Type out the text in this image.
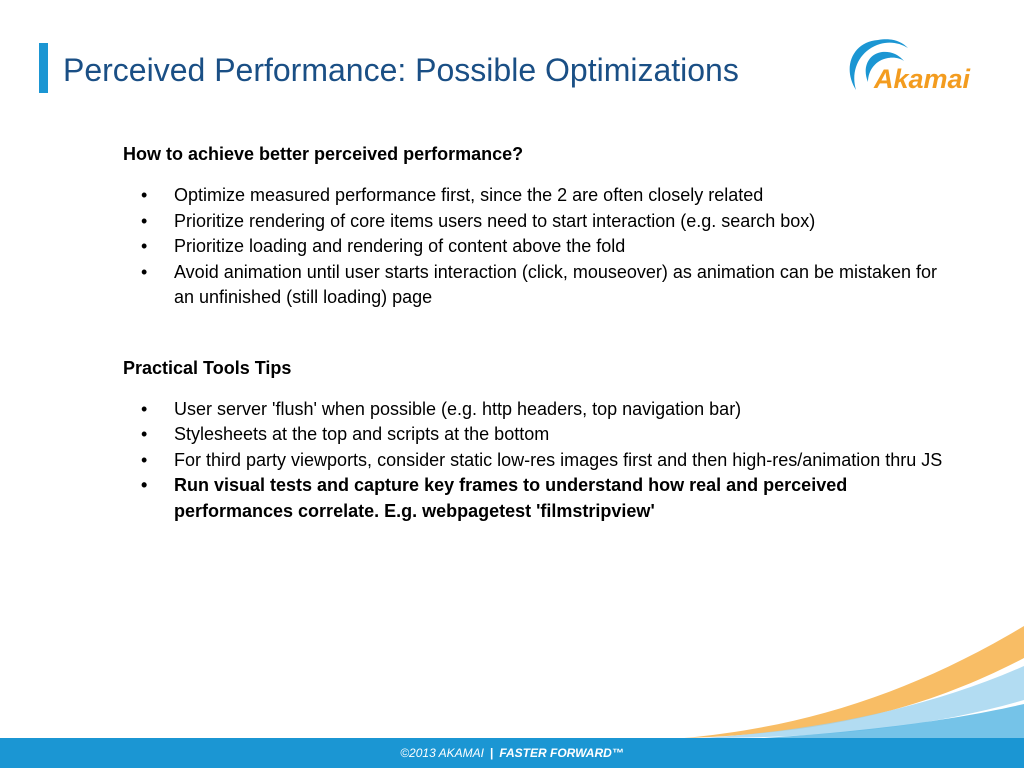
Perceived Performance: Possible Optimizations	Akamai
How to achieve better perceived performance?
• Optimize measured performance first, since the 2 are often closely related
• Prioritize rendering of core items users need to start interaction (e.g. search box)
• Prioritize loading and rendering of content above the fold
• Avoid animation until user starts interaction (click, mouseover) as animation can be mistaken for an unfinished (still loading) page
Practical Tools Tips
• User server 'flush' when possible (e.g. http headers, top navigation bar)
• Stylesheets at the top and scripts at the bottom
• For third party viewports, consider static low-res images first and then high-res/animation thru JS
• Run visual tests and capture key frames to understand how real and perceived performances correlate. E.g. webpagetest 'filmstripview'
©2013 AKAMAI | FASTER FORWARD™
